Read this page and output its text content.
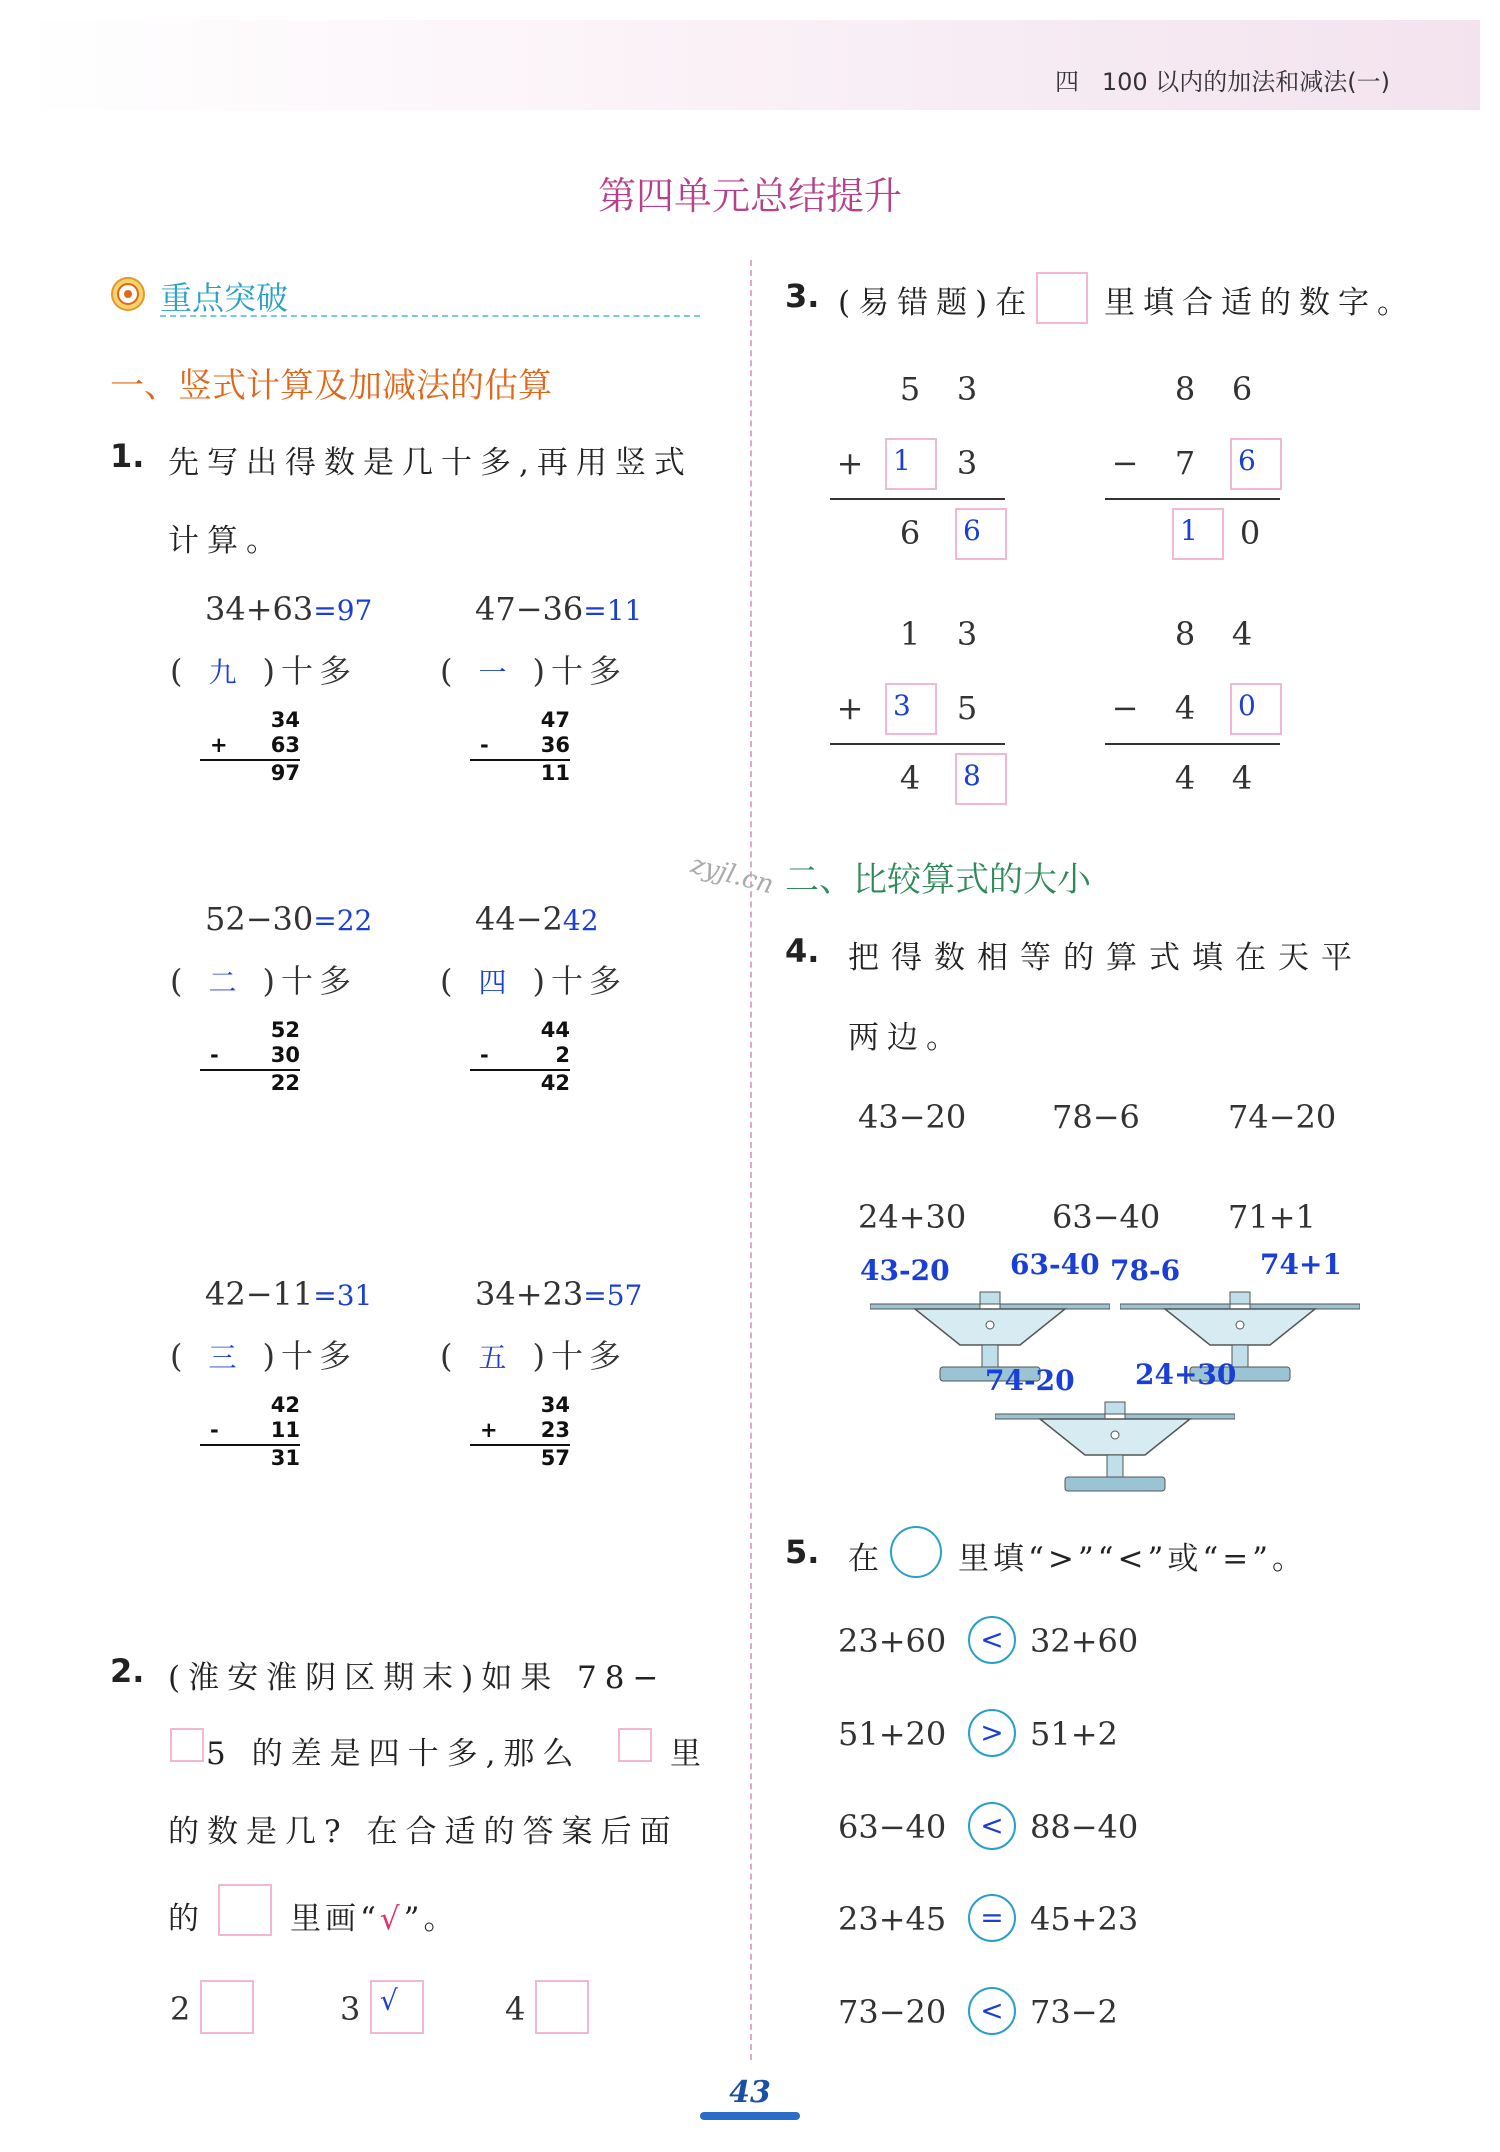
四 100 以内的加法和减法(一)
第四单元总结提升
重点突破
一、竖式计算及加减法的估算
1. 先写出得数是几十多,再用竖式
计算。
34+63=97
( 九 )十多
34
+ 63
97
47−36=11
( 一 )十多
47
- 36
11
52−30=22
( 二 )十多
52
- 30
22
44−242
( 四 )十多
44
-	2
42
42−11=31
( 三 )十多
42
- 11
31
34+23=57
( 五 )十多
34
+ 23
57
2. (淮安淮阴区期末)如果 78−
5 的差是四十多,那么	里
的数是几? 在合适的答案后面
的	里画“√”。
2	3 √	4
3. (易错题)在 里填合适的数字。
5	3
+ 1	3
6	6
8	6
−	7	6
1	0
1	3
+ 3	5
4	8
8	4
−	4	0
4	4
zyjl.cn 二、比较算式的大小
4. 把得数相等的算式填在天平
两边。
43−20	78−6	74−20
24+30	63−40 71+1
43-20 63-40 78-6	74+1
74-20 24+30
5. 在 里填“>”“<”或“=”。
23+60	< 32+60
51+20	> 51+2
63−40	< 88−40
23+45	= 45+23
73−20	< 73−2
43
